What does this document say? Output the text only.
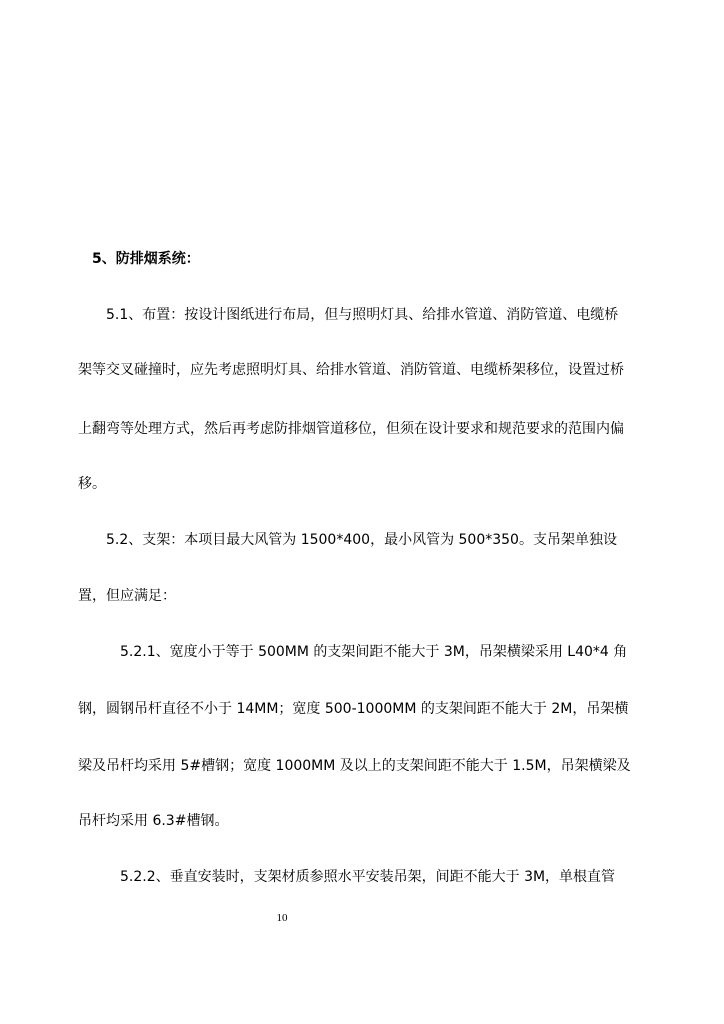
5、防排烟系统：
5.1、布置：按设计图纸进行布局，但与照明灯具、给排水管道、消防管道、电缆桥
架等交叉碰撞时，应先考虑照明灯具、给排水管道、消防管道、电缆桥架移位，设置过桥
上翻弯等处理方式，然后再考虑防排烟管道移位，但须在设计要求和规范要求的范围内偏
移。
5.2、支架：本项目最大风管为 1500*400，最小风管为 500*350。支吊架单独设
置，但应满足：
5.2.1、宽度小于等于 500MM 的支架间距不能大于 3M，吊架横梁采用 L40*4 角
钢，圆钢吊杆直径不小于 14MM；宽度 500-1000MM 的支架间距不能大于 2M，吊架横
梁及吊杆均采用 5#槽钢；宽度 1000MM 及以上的支架间距不能大于 1.5M，吊架横梁及
吊杆均采用 6.3#槽钢。
5.2.2、垂直安装时，支架材质参照水平安装吊架，间距不能大于 3M，单根直管
10
